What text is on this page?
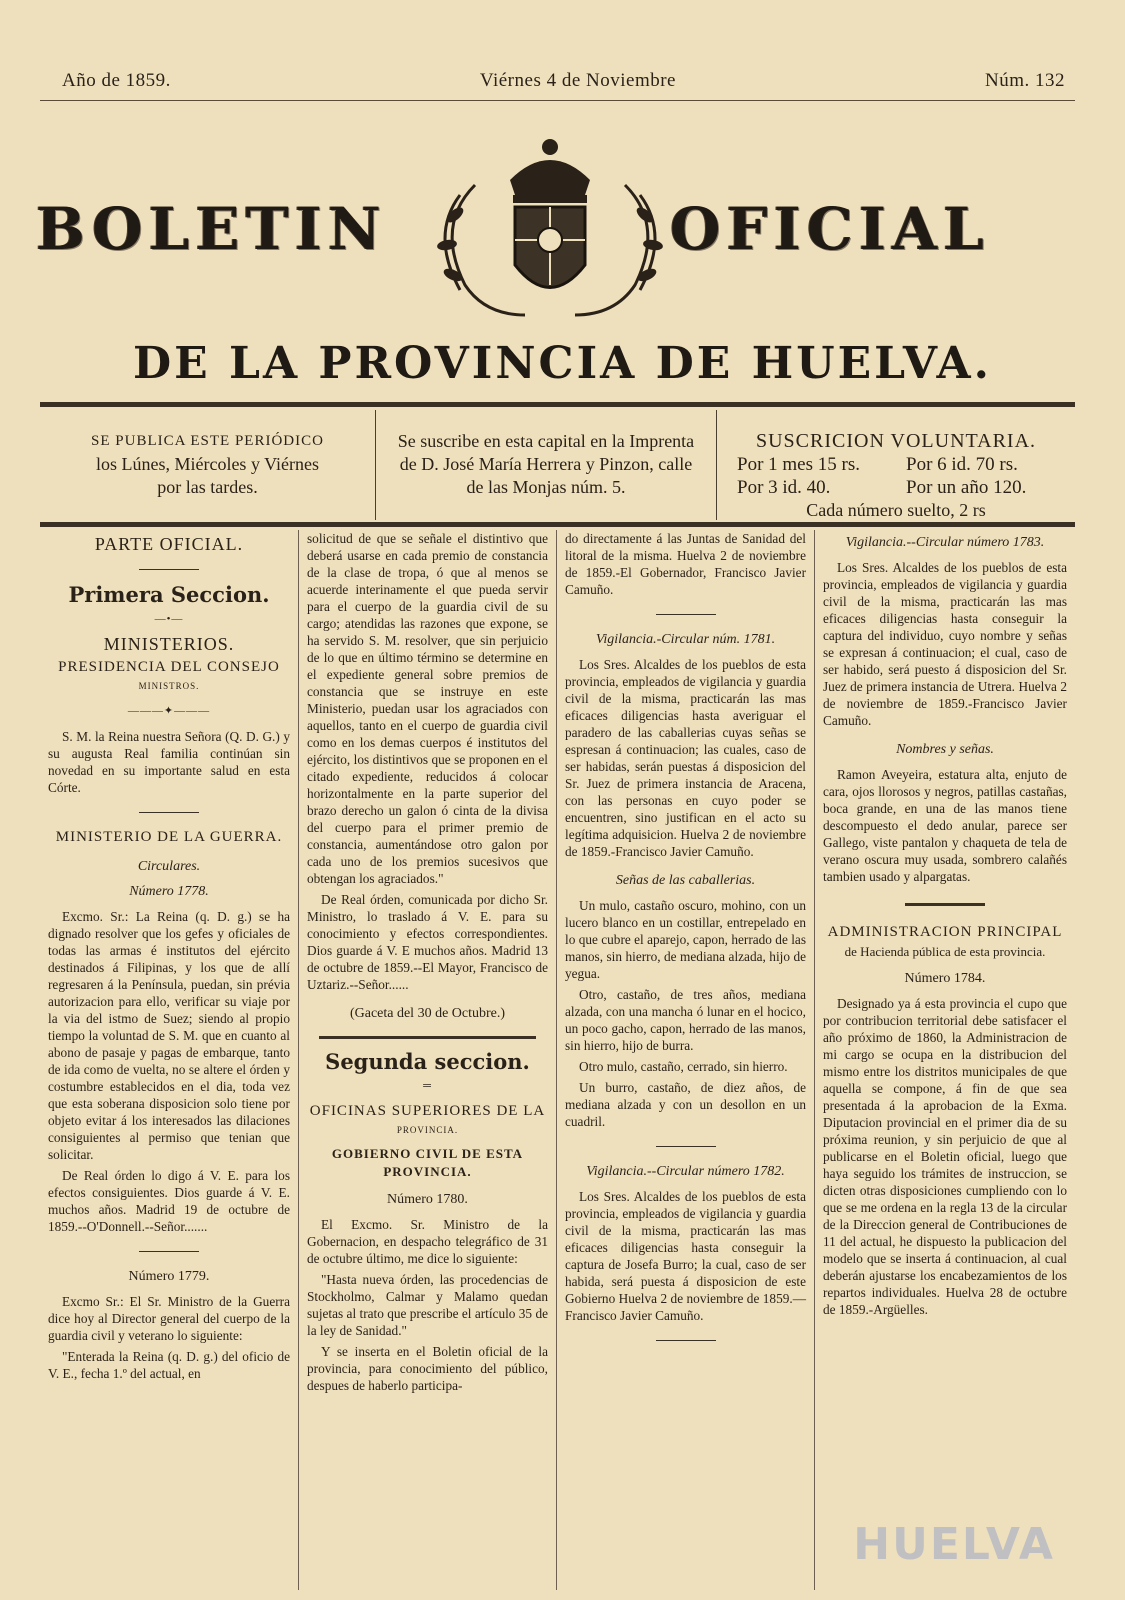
Año de 1859.	Viérnes 4 de Noviembre	Núm. 132
BOLETIN	OFICIAL
DE LA PROVINCIA DE HUELVA.
SE PUBLICA ESTE PERIÓDICO
los Lúnes, Miércoles y Viérnes
por las tardes.
Se suscribe en esta capital en la Imprenta
de D. José María Herrera y Pinzon, calle
de las Monjas núm. 5.
SUSCRICION VOLUNTARIA.
Por 1 mes 15 rs.	Por 6 id. 70 rs.
Por 3 id. 40.	Por un año 120.
Cada número suelto, 2 rs
PARTE OFICIAL.
Primera Seccion.
—•—
MINISTERIOS.
PRESIDENCIA DEL CONSEJO
MINISTROS.
———✦———

S. M. la Reina nuestra Señora (Q. D. G.) y su augusta Real familia continúan sin novedad en su importante salud en esta Córte.

MINISTERIO DE LA GUERRA.
Circulares.
Número 1778.

Excmo. Sr.: La Reina (q. D. g.) se ha dignado resolver que los gefes y oficiales de todas las armas é institutos del ejército destinados á Filipinas, y los que de allí regresaren á la Península, puedan, sin prévia autorizacion para ello, verificar su viaje por la via del istmo de Suez; siendo al propio tiempo la voluntad de S. M. que en cuanto al abono de pasaje y pagas de embarque, tanto de ida como de vuelta, no se altere el órden y costumbre establecidos en el dia, toda vez que esta soberana disposicion solo tiene por objeto evitar á los interesados las dilaciones consiguientes al permiso que tenian que solicitar.

De Real órden lo digo á V. E. para los efectos consiguientes. Dios guarde á V. E. muchos años. Madrid 19 de octubre de 1859.--O'Donnell.--Señor.......

Número 1779.

Excmo Sr.: El Sr. Ministro de la Guerra dice hoy al Director general del cuerpo de la guardia civil y veterano lo siguiente:

"Enterada la Reina (q. D. g.) del oficio de V. E., fecha 1.º del actual, en

solicitud de que se señale el distintivo que deberá usarse en cada premio de constancia de la clase de tropa, ó que al menos se acuerde interinamente el que pueda servir para el cuerpo de la guardia civil de su cargo; atendidas las razones que expone, se ha servido S. M. resolver, que sin perjuicio de lo que en último término se determine en el expediente general sobre premios de constancia que se instruye en este Ministerio, puedan usar los agraciados con aquellos, tanto en el cuerpo de guardia civil como en los demas cuerpos é institutos del ejército, los distintivos que se proponen en el citado expediente, reducidos á colocar horizontalmente en la parte superior del brazo derecho un galon ó cinta de la divisa del cuerpo para el primer premio de constancia, aumentándose otro galon por cada uno de los premios sucesivos que obtengan los agraciados."

De Real órden, comunicada por dicho Sr. Ministro, lo traslado á V. E. para su conocimiento y efectos correspondientes. Dios guarde á V. E muchos años. Madrid 13 de octubre de 1859.--El Mayor, Francisco de Uztariz.--Señor......

(Gaceta del 30 de Octubre.)
Segunda seccion.
═
OFICINAS SUPERIORES DE LA
PROVINCIA.
GOBIERNO CIVIL DE ESTA PROVINCIA.
Número 1780.

El Excmo. Sr. Ministro de la Gobernacion, en despacho telegráfico de 31 de octubre último, me dice lo siguiente:

"Hasta nueva órden, las procedencias de Stockholmo, Calmar y Malamo quedan sujetas al trato que prescribe el artículo 35 de la ley de Sanidad."

Y se inserta en el Boletin oficial de la provincia, para conocimiento del público, despues de haberlo participa-

do directamente á las Juntas de Sanidad del litoral de la misma. Huelva 2 de noviembre de 1859.-El Gobernador, Francisco Javier Camuño.

Vigilancia.-Circular núm. 1781.

Los Sres. Alcaldes de los pueblos de esta provincia, empleados de vigilancia y guardia civil de la misma, practicarán las mas eficaces diligencias hasta averiguar el paradero de las caballerias cuyas señas se espresan á continuacion; las cuales, caso de ser habidas, serán puestas á disposicion del Sr. Juez de primera instancia de Aracena, con las personas en cuyo poder se encuentren, sino justifican en el acto su legítima adquisicion. Huelva 2 de noviembre de 1859.-Francisco Javier Camuño.

Señas de las caballerias.

Un mulo, castaño oscuro, mohino, con un lucero blanco en un costillar, entrepelado en lo que cubre el aparejo, capon, herrado de las manos, sin hierro, de mediana alzada, hijo de yegua.

Otro, castaño, de tres años, mediana alzada, con una mancha ó lunar en el hocico, un poco gacho, capon, herrado de las manos, sin hierro, hijo de burra.

Otro mulo, castaño, cerrado, sin hierro.

Un burro, castaño, de diez años, de mediana alzada y con un desollon en un cuadril.

Vigilancia.--Circular número 1782.

Los Sres. Alcaldes de los pueblos de esta provincia, empleados de vigilancia y guardia civil de la misma, practicarán las mas eficaces diligencias hasta conseguir la captura de Josefa Burro; la cual, caso de ser habida, será puesta á disposicion de este Gobierno Huelva 2 de noviembre de 1859.—Francisco Javier Camuño.

Vigilancia.--Circular número 1783.

Los Sres. Alcaldes de los pueblos de esta provincia, empleados de vigilancia y guardia civil de la misma, practicarán las mas eficaces diligencias hasta conseguir la captura del individuo, cuyo nombre y señas se expresan á continuacion; el cual, caso de ser habido, será puesto á disposicion del Sr. Juez de primera instancia de Utrera. Huelva 2 de noviembre de 1859.-Francisco Javier Camuño.

Nombres y señas.

Ramon Aveyeira, estatura alta, enjuto de cara, ojos llorosos y negros, patillas castañas, boca grande, en una de las manos tiene descompuesto el dedo anular, parece ser Gallego, viste pantalon y chaqueta de tela de verano oscura muy usada, sombrero calañés tambien usado y alpargatas.

ADMINISTRACION PRINCIPAL
de Hacienda pública de esta provincia.
Número 1784.

Designado ya á esta provincia el cupo que por contribucion territorial debe satisfacer el año próximo de 1860, la Administracion de mi cargo se ocupa en la distribucion del mismo entre los distritos municipales de que aquella se compone, á fin de que sea presentada á la aprobacion de la Exma. Diputacion provincial en el primer dia de su próxima reunion, y sin perjuicio de que al publicarse en el Boletin oficial, luego que haya seguido los trámites de instruccion, se dicten otras disposiciones cumpliendo con lo que se me ordena en la regla 13 de la circular de la Direccion general de Contribuciones de 11 del actual, he dispuesto la publicacion del modelo que se inserta á continuacion, al cual deberán ajustarse los encabezamientos de los repartos individuales. Huelva 28 de octubre de 1859.-Argüelles.

HUELVA
